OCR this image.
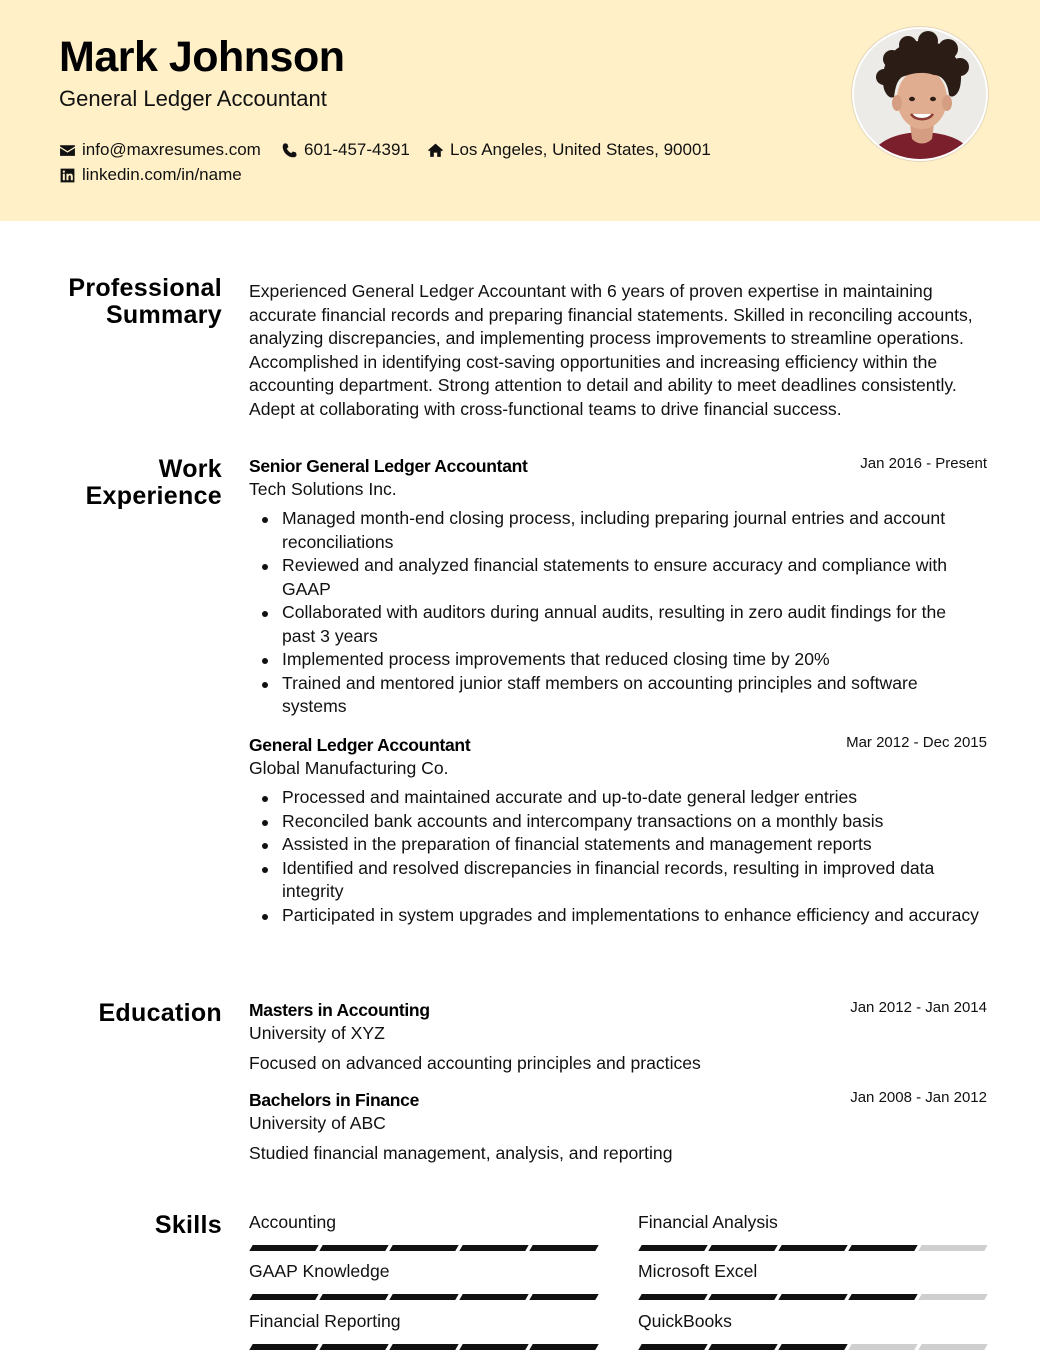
Mark Johnson
General Ledger Accountant
info@maxresumes.com	601-457-4391 Los Angeles, United States, 90001
linkedin.com/in/name
Professional Summary
Experienced General Ledger Accountant with 6 years of proven expertise in maintaining accurate financial records and preparing financial statements. Skilled in reconciling accounts, analyzing discrepancies, and implementing process improvements to streamline operations. Accomplished in identifying cost-saving opportunities and increasing efficiency within the accounting department. Strong attention to detail and ability to meet deadlines consistently. Adept at collaborating with cross-functional teams to drive financial success.
Work Experience
Senior General Ledger Accountant	Jan 2016 - Present
Tech Solutions Inc.
Managed month-end closing process, including preparing journal entries and account reconciliations
Reviewed and analyzed financial statements to ensure accuracy and compliance with GAAP
Collaborated with auditors during annual audits, resulting in zero audit findings for the past 3 years
Implemented process improvements that reduced closing time by 20%
Trained and mentored junior staff members on accounting principles and software systems
General Ledger Accountant	Mar 2012 - Dec 2015
Global Manufacturing Co.
Processed and maintained accurate and up-to-date general ledger entries
Reconciled bank accounts and intercompany transactions on a monthly basis
Assisted in the preparation of financial statements and management reports
Identified and resolved discrepancies in financial records, resulting in improved data integrity
Participated in system upgrades and implementations to enhance efficiency and accuracy
Education Masters in Accounting	Jan 2012 - Jan 2014
University of XYZ
Focused on advanced accounting principles and practices
Bachelors in Finance	Jan 2008 - Jan 2012
University of ABC
Studied financial management, analysis, and reporting
Skills Accounting	Financial Analysis
GAAP Knowledge	Microsoft Excel
Financial Reporting	QuickBooks
